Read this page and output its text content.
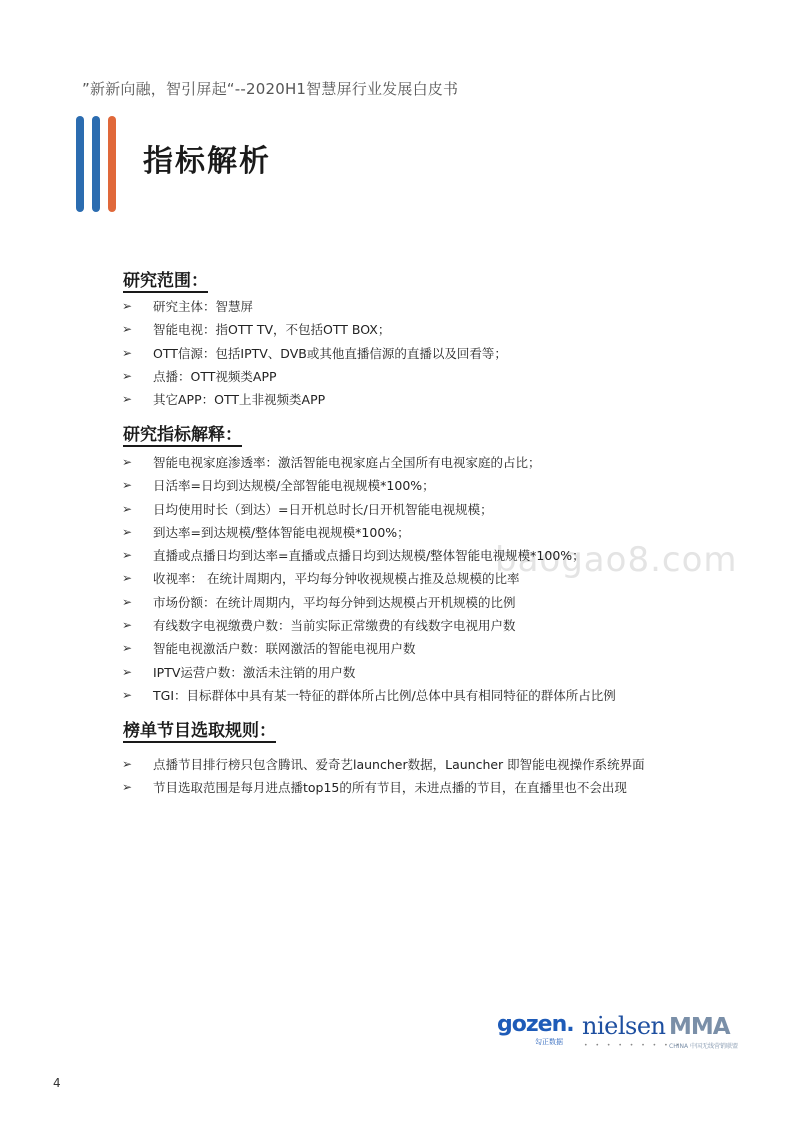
”新新向融，智引屏起“--2020H1智慧屏行业发展白皮书
指标解析
baogao8.com
研究范围：
➢ 研究主体：智慧屏
➢ 智能电视：指OTT TV，不包括OTT BOX；
➢ OTT信源：包括IPTV、DVB或其他直播信源的直播以及回看等；
➢ 点播：OTT视频类APP
➢ 其它APP：OTT上非视频类APP
研究指标解释：
➢ 智能电视家庭渗透率：激活智能电视家庭占全国所有电视家庭的占比；
➢ 日活率=日均到达规模/全部智能电视规模*100%；
➢ 日均使用时长（到达）=日开机总时长/日开机智能电视规模；
➢ 到达率=到达规模/整体智能电视规模*100%；
➢ 直播或点播日均到达率=直播或点播日均到达规模/整体智能电视规模*100%；
➢ 收视率： 在统计周期内，平均每分钟收视规模占推及总规模的比率
➢ 市场份额：在统计周期内，平均每分钟到达规模占开机规模的比例
➢ 有线数字电视缴费户数：当前实际正常缴费的有线数字电视用户数
➢ 智能电视激活户数：联网激活的智能电视用户数
➢ IPTV运营户数：激活未注销的用户数
➢ TGI：目标群体中具有某一特征的群体所占比例/总体中具有相同特征的群体所占比例
榜单节目选取规则：
➢ 点播节目排行榜只包含腾讯、爱奇艺launcher数据，Launcher 即智能电视操作系统界面
➢ 节目选取范围是每月进点播top15的所有节目，未进点播的节目，在直播里也不会出现
gozen.
勾正数据
nielsen
• • • • • • • • •
MMA
CHINA 中国无线营销联盟
4
